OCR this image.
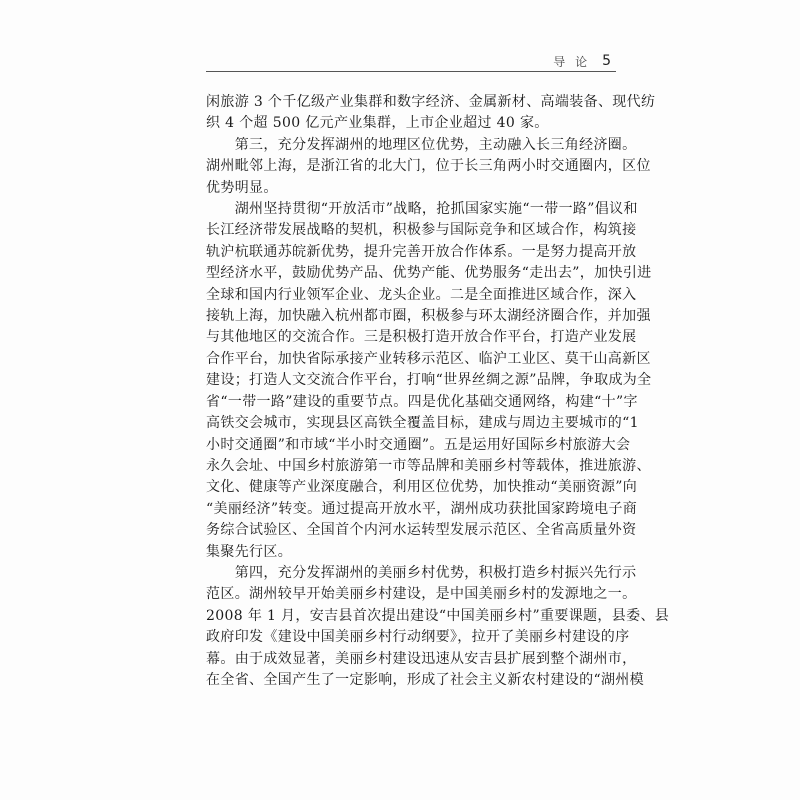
导 论 5
闲旅游 3 个千亿级产业集群和数字经济、金属新材、高端装备、现代纺
织 4 个超 500 亿元产业集群，上市企业超过 40 家。
　　第三，充分发挥湖州的地理区位优势，主动融入长三角经济圈。
湖州毗邻上海，是浙江省的北大门，位于长三角两小时交通圈内，区位
优势明显。
　　湖州坚持贯彻“开放活市”战略，抢抓国家实施“一带一路”倡议和
长江经济带发展战略的契机，积极参与国际竞争和区域合作，构筑接
轨沪杭联通苏皖新优势，提升完善开放合作体系。一是努力提高开放
型经济水平，鼓励优势产品、优势产能、优势服务“走出去”，加快引进
全球和国内行业领军企业、龙头企业。二是全面推进区域合作，深入
接轨上海，加快融入杭州都市圈，积极参与环太湖经济圈合作，并加强
与其他地区的交流合作。三是积极打造开放合作平台，打造产业发展
合作平台，加快省际承接产业转移示范区、临沪工业区、莫干山高新区
建设；打造人文交流合作平台，打响“世界丝绸之源”品牌，争取成为全
省“一带一路”建设的重要节点。四是优化基础交通网络，构建“十”字
高铁交会城市，实现县区高铁全覆盖目标，建成与周边主要城市的“1
小时交通圈”和市域“半小时交通圈”。五是运用好国际乡村旅游大会
永久会址、中国乡村旅游第一市等品牌和美丽乡村等载体，推进旅游、
文化、健康等产业深度融合，利用区位优势，加快推动“美丽资源”向
“美丽经济”转变。通过提高开放水平，湖州成功获批国家跨境电子商
务综合试验区、全国首个内河水运转型发展示范区、全省高质量外资
集聚先行区。
　　第四，充分发挥湖州的美丽乡村优势，积极打造乡村振兴先行示
范区。湖州较早开始美丽乡村建设，是中国美丽乡村的发源地之一。
2008 年 1 月，安吉县首次提出建设“中国美丽乡村”重要课题，县委、县
政府印发《建设中国美丽乡村行动纲要》，拉开了美丽乡村建设的序
幕。由于成效显著，美丽乡村建设迅速从安吉县扩展到整个湖州市，
在全省、全国产生了一定影响，形成了社会主义新农村建设的“湖州模
